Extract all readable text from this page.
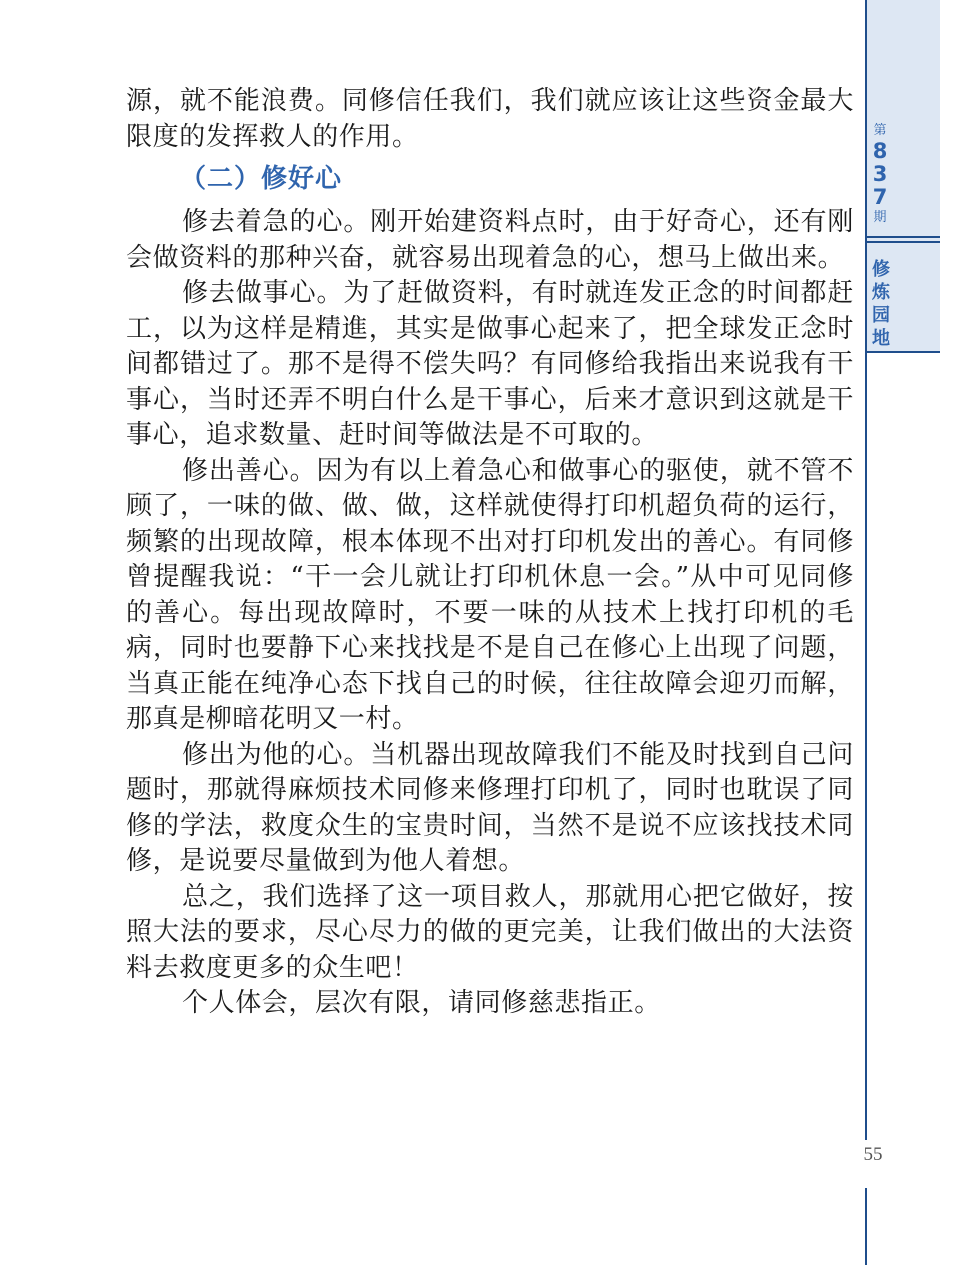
第
8
3
7
期
修
炼
园
地

源，就不能浪费。同修信任我们，我们就应该让这些资金最大限度的发挥救人的作用。

（二）修好心

修去着急的心。刚开始建资料点时，由于好奇心，还有刚会做资料的那种兴奋，就容易出现着急的心，想马上做出来。

修去做事心。为了赶做资料，有时就连发正念的时间都赶工，以为这样是精進，其实是做事心起来了，把全球发正念时间都错过了。那不是得不偿失吗？有同修给我指出来说我有干事心，当时还弄不明白什么是干事心，后来才意识到这就是干事心，追求数量、赶时间等做法是不可取的。

修出善心。因为有以上着急心和做事心的驱使，就不管不顾了，一味的做、做、做，这样就使得打印机超负荷的运行，频繁的出现故障，根本体现不出对打印机发出的善心。有同修曾提醒我说：“干一会儿就让打印机休息一会。”从中可见同修的善心。每出现故障时，不要一味的从技术上找打印机的毛病，同时也要静下心来找找是不是自己在修心上出现了问题，当真正能在纯净心态下找自己的时候，往往故障会迎刃而解，那真是柳暗花明又一村。

修出为他的心。当机器出现故障我们不能及时找到自己问题时，那就得麻烦技术同修来修理打印机了，同时也耽误了同修的学法，救度众生的宝贵时间，当然不是说不应该找技术同修，是说要尽量做到为他人着想。

总之，我们选择了这一项目救人，那就用心把它做好，按照大法的要求，尽心尽力的做的更完美，让我们做出的大法资料去救度更多的众生吧！

个人体会，层次有限，请同修慈悲指正。

55
